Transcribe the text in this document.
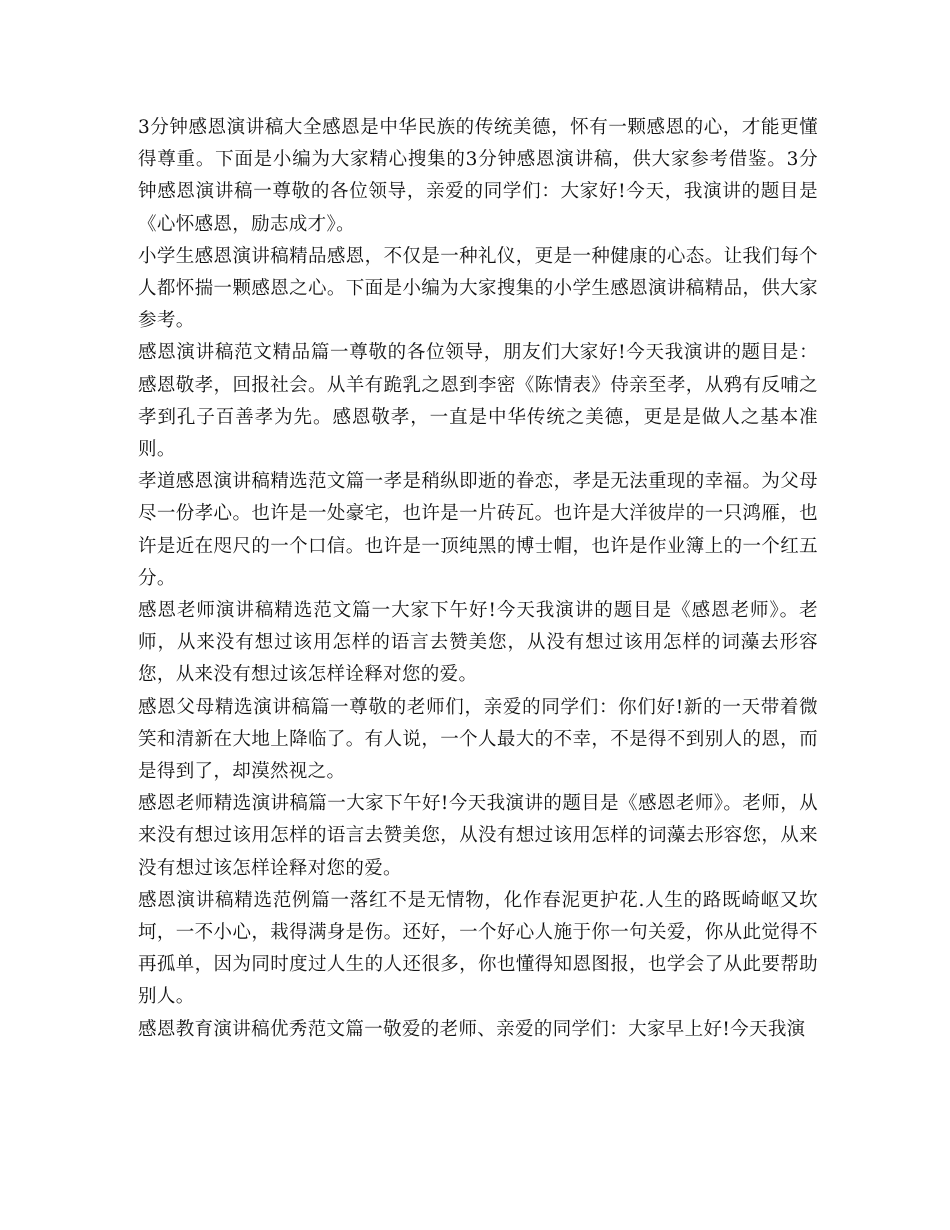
3分钟感恩演讲稿大全感恩是中华民族的传统美德，怀有一颗感恩的心，才能更懂得尊重。下面是小编为大家精心搜集的3分钟感恩演讲稿，供大家参考借鉴。3分钟感恩演讲稿一尊敬的各位领导，亲爱的同学们：大家好!今天，我演讲的题目是《心怀感恩，励志成才》。

小学生感恩演讲稿精品感恩，不仅是一种礼仪，更是一种健康的心态。让我们每个人都怀揣一颗感恩之心。下面是小编为大家搜集的小学生感恩演讲稿精品，供大家参考。

感恩演讲稿范文精品篇一尊敬的各位领导，朋友们大家好!今天我演讲的题目是：感恩敬孝，回报社会。从羊有跪乳之恩到李密《陈情表》侍亲至孝，从鸦有反哺之孝到孔子百善孝为先。感恩敬孝，一直是中华传统之美德，更是是做人之基本准则。

孝道感恩演讲稿精选范文篇一孝是稍纵即逝的眷恋，孝是无法重现的幸福。为父母尽一份孝心。也许是一处豪宅，也许是一片砖瓦。也许是大洋彼岸的一只鸿雁，也许是近在咫尺的一个口信。也许是一顶纯黑的博士帽，也许是作业簿上的一个红五分。

感恩老师演讲稿精选范文篇一大家下午好!今天我演讲的题目是《感恩老师》。老师，从来没有想过该用怎样的语言去赞美您，从没有想过该用怎样的词藻去形容您，从来没有想过该怎样诠释对您的爱。

感恩父母精选演讲稿篇一尊敬的老师们，亲爱的同学们：你们好!新的一天带着微笑和清新在大地上降临了。有人说，一个人最大的不幸，不是得不到别人的恩，而是得到了，却漠然视之。

感恩老师精选演讲稿篇一大家下午好!今天我演讲的题目是《感恩老师》。老师，从来没有想过该用怎样的语言去赞美您，从没有想过该用怎样的词藻去形容您，从来没有想过该怎样诠释对您的爱。

感恩演讲稿精选范例篇一落红不是无情物，化作春泥更护花.人生的路既崎岖又坎坷，一不小心，栽得满身是伤。还好，一个好心人施于你一句关爱，你从此觉得不再孤单，因为同时度过人生的人还很多，你也懂得知恩图报，也学会了从此要帮助别人。

感恩教育演讲稿优秀范文篇一敬爱的老师、亲爱的同学们：大家早上好!今天我演
